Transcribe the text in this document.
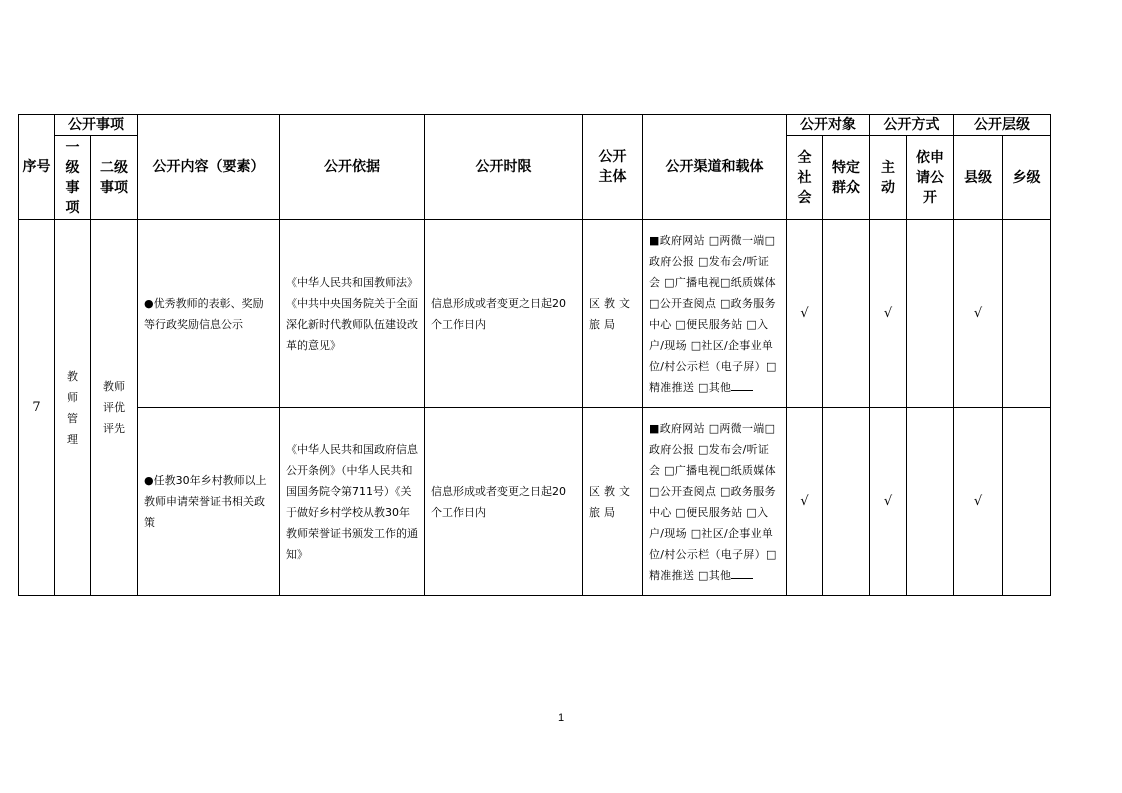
序号	公开事项		公开内容（要素）	公开依据	公开时限	公开主体	公开渠道和载体	公开对象		公开方式		公开层级	
	一级事项	二级事项						全社会	特定群众	主动	依申请公开	县级	乡级
7	教师管理	教师评优评先	●优秀教师的表彰、奖励等行政奖励信息公示	《中华人民共和国教师法》《中共中央国务院关于全面深化新时代教师队伍建设改革的意见》	信息形成或者变更之日起20个工作日内	区教文旅局	■政府网站 □两微一端□政府公报 □发布会/听证会 □广播电视□纸质媒体 □公开查阅点 □政务服务中心 □便民服务站 □入户/现场 □社区/企事业单位/村公示栏（电子屏）□精准推送 □其他	√		√		√	
			●任教30年乡村教师以上教师申请荣誉证书相关政策	《中华人民共和国政府信息公开条例》（中华人民共和国国务院令第711号）《关于做好乡村学校从教30年教师荣誉证书颁发工作的通知》	信息形成或者变更之日起20个工作日内	区教文旅局	■政府网站 □两微一端□政府公报 □发布会/听证会 □广播电视□纸质媒体 □公开查阅点 □政务服务中心 □便民服务站 □入户/现场 □社区/企事业单位/村公示栏（电子屏）□精准推送 □其他	√		√		√	
1
